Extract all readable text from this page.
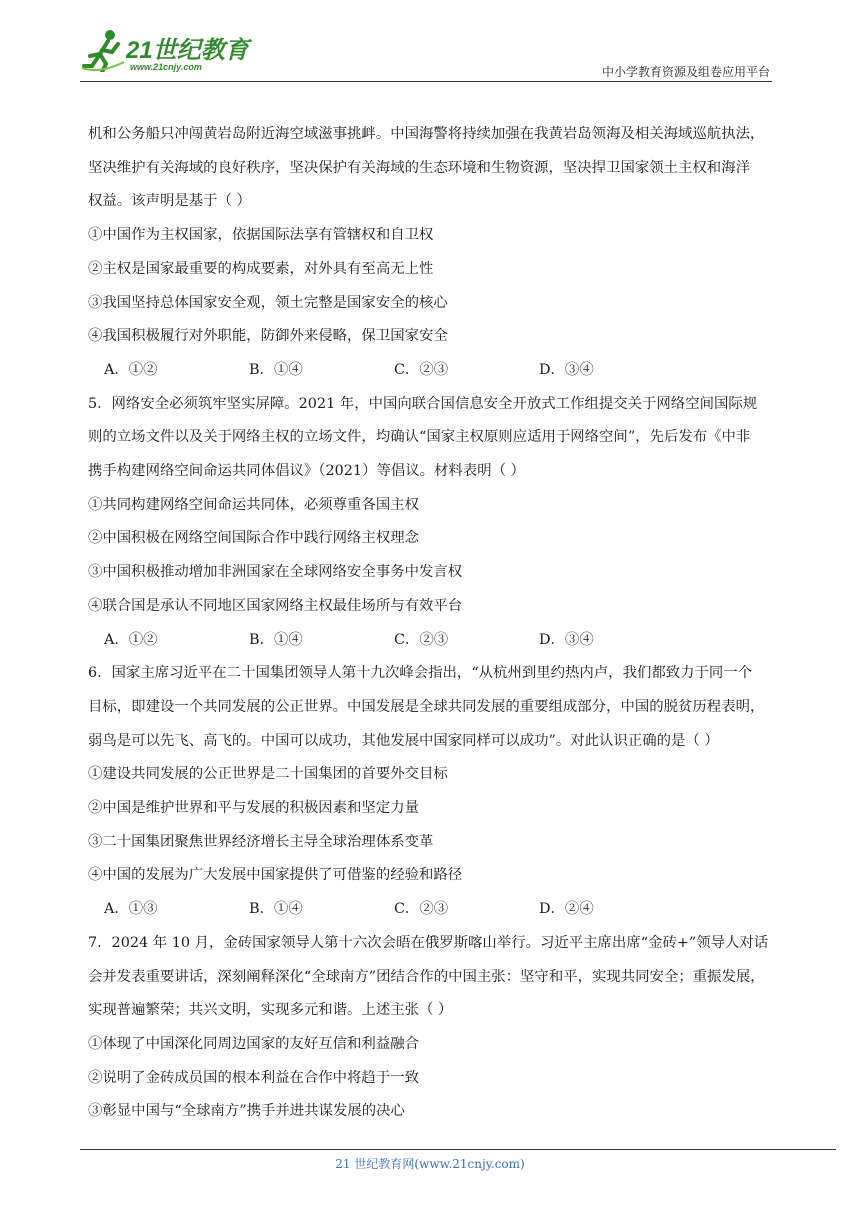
21世纪教育
www.21cnjy.com	中小学教育资源及组卷应用平台

机和公务船只冲闯黄岩岛附近海空域滋事挑衅。中国海警将持续加强在我黄岩岛领海及相关海域巡航执法，

坚决维护有关海域的良好秩序，坚决保护有关海域的生态环境和生物资源，坚决捍卫国家领土主权和海洋

权益。该声明是基于（ ）

①中国作为主权国家，依据国际法享有管辖权和自卫权

②主权是国家最重要的构成要素，对外具有至高无上性

③我国坚持总体国家安全观，领土完整是国家安全的核心

④我国积极履行对外职能，防御外来侵略，保卫国家安全

A．①②	B．①④	C．②③	D．③④

5．网络安全必须筑牢坚实屏障。2021 年，中国向联合国信息安全开放式工作组提交关于网络空间国际规

则的立场文件以及关于网络主权的立场文件，均确认“国家主权原则应适用于网络空间”，先后发布《中非

携手构建网络空间命运共同体倡议》（2021）等倡议。材料表明（ ）

①共同构建网络空间命运共同体，必须尊重各国主权

②中国积极在网络空间国际合作中践行网络主权理念

③中国积极推动增加非洲国家在全球网络安全事务中发言权

④联合国是承认不同地区国家网络主权最佳场所与有效平台

A．①②	B．①④	C．②③	D．③④

6．国家主席习近平在二十国集团领导人第十九次峰会指出，“从杭州到里约热内卢，我们都致力于同一个

目标，即建设一个共同发展的公正世界。中国发展是全球共同发展的重要组成部分，中国的脱贫历程表明，

弱鸟是可以先飞、高飞的。中国可以成功，其他发展中国家同样可以成功”。对此认识正确的是（ ）

①建设共同发展的公正世界是二十国集团的首要外交目标

②中国是维护世界和平与发展的积极因素和坚定力量

③二十国集团聚焦世界经济增长主导全球治理体系变革

④中国的发展为广大发展中国家提供了可借鉴的经验和路径

A．①③	B．①④	C．②③	D．②④

7．2024 年 10 月，金砖国家领导人第十六次会晤在俄罗斯喀山举行。习近平主席出席“金砖+”领导人对话

会并发表重要讲话，深刻阐释深化“全球南方”团结合作的中国主张：坚守和平，实现共同安全；重振发展，

实现普遍繁荣；共兴文明，实现多元和谐。上述主张（ ）

①体现了中国深化同周边国家的友好互信和利益融合

②说明了金砖成员国的根本利益在合作中将趋于一致

③彰显中国与“全球南方”携手并进共谋发展的决心

21 世纪教育网(www.21cnjy.com)
